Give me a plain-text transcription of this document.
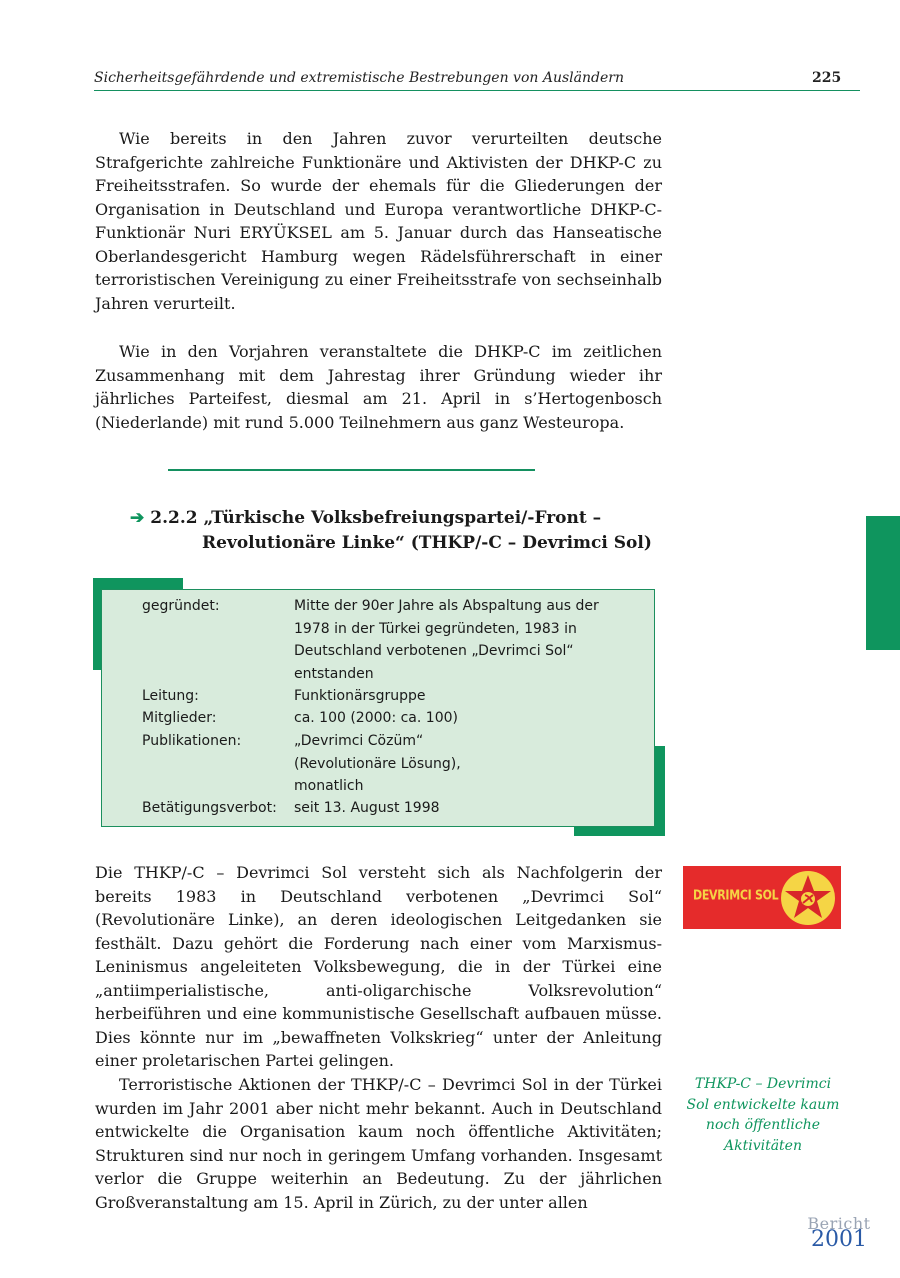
Sicherheitsgefährdende und extremistische Bestrebungen von Ausländern	225

Wie bereits in den Jahren zuvor verurteilten deutsche Strafgerichte zahlreiche Funktionäre und Aktivisten der DHKP-C zu Freiheitsstrafen. So wurde der ehemals für die Gliederungen der Organisation in Deutschland und Europa verantwortliche DHKP-C-Funktionär Nuri ERYÜKSEL am 5. Januar durch das Hanseatische Oberlandesgericht Hamburg wegen Rädelsführerschaft in einer terroristischen Vereinigung zu einer Freiheitsstrafe von sechseinhalb Jahren verurteilt.

Wie in den Vorjahren veranstaltete die DHKP-C im zeitlichen Zusammenhang mit dem Jahrestag ihrer Gründung wieder ihr jährliches Parteifest, diesmal am 21. April in s’Hertogenbosch (Niederlande) mit rund 5.000 Teilnehmern aus ganz Westeuropa.

➔ 2.2.2 „Türkische Volksbefreiungspartei/-Front –
Revolutionäre Linke“ (THKP/-C – Devrimci Sol)
gegründet:	Mitte der 90er Jahre als Abspaltung aus der 1978 in der Türkei gegründeten, 1983 in Deutschland verbotenen „Devrimci Sol“ entstanden
Leitung:	Funktionärsgruppe
Mitglieder:	ca. 100 (2000: ca. 100)
Publikationen:	„Devrimci Cözüm“ (Revolutionäre Lösung), monatlich
Betätigungsverbot:	seit 13. August 1998

Die THKP/-C – Devrimci Sol versteht sich als Nachfolgerin der bereits 1983 in Deutschland verbotenen „Devrimci Sol“ (Revolutionäre Linke), an deren ideologischen Leitgedanken sie festhält. Dazu gehört die Forderung nach einer vom Marxismus-Leninismus angeleiteten Volksbewegung, die in der Türkei eine „antiimperialistische, anti-oligarchische Volksrevolution“ herbeiführen und eine kommunistische Gesellschaft aufbauen müsse. Dies könnte nur im „bewaffneten Volkskrieg“ unter der Anleitung einer proletarischen Partei gelingen.

Terroristische Aktionen der THKP/-C – Devrimci Sol in der Türkei wurden im Jahr 2001 aber nicht mehr bekannt. Auch in Deutschland entwickelte die Organisation kaum noch öffentliche Aktivitäten; Strukturen sind nur noch in geringem Umfang vorhanden. Insgesamt verlor die Gruppe weiterhin an Bedeutung. Zu der jährlichen Großveranstaltung am 15. April in Zürich, zu der unter allen

DEVRIMCI SOL
THKP-C – Devrimci Sol entwickelte kaum noch öffentliche Aktivitäten
Bericht
2001
